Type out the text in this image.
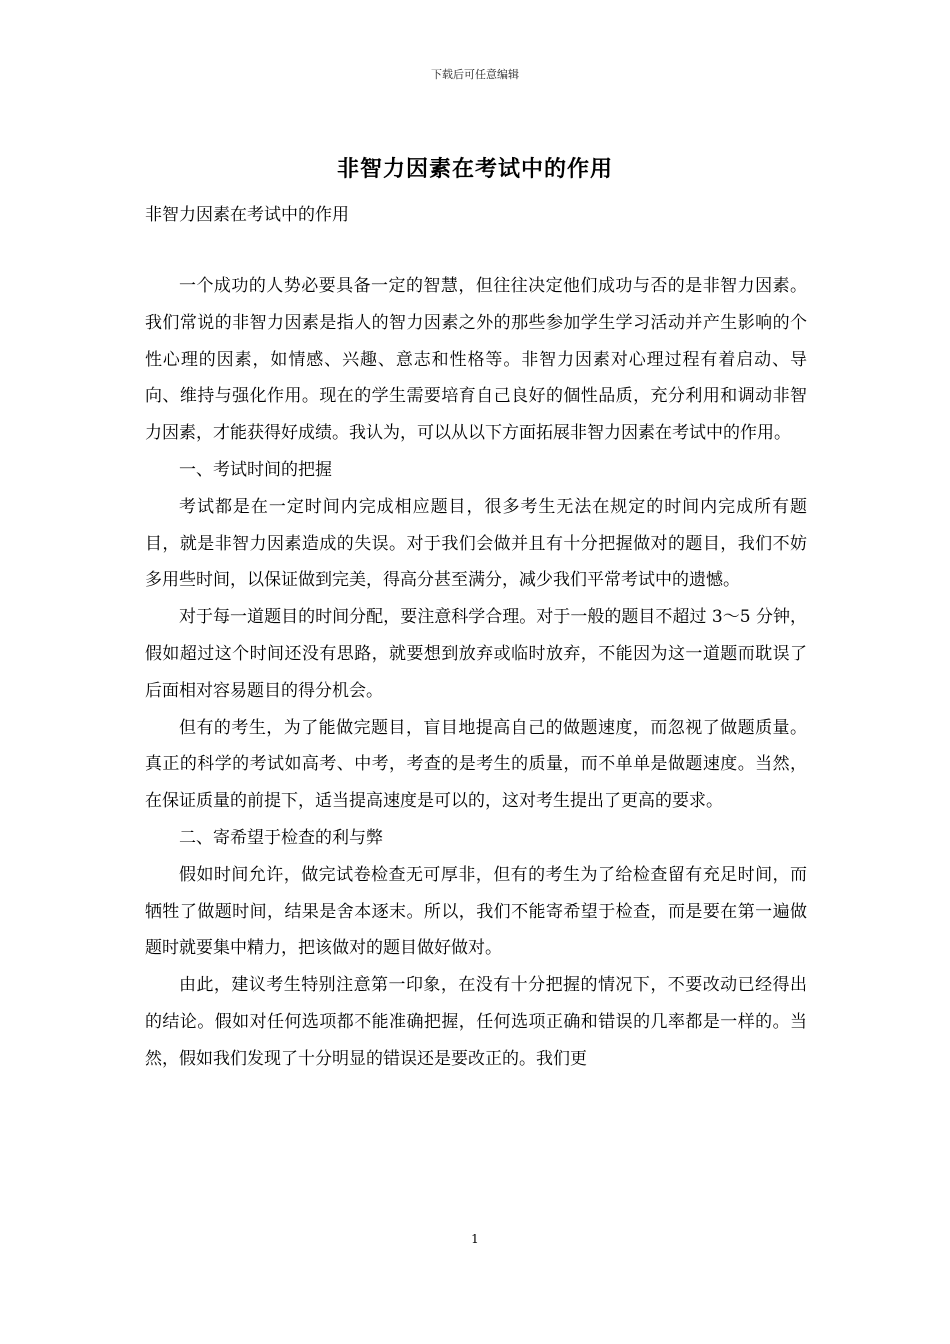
下载后可任意编辑
非智力因素在考试中的作用
非智力因素在考试中的作用

一个成功的人势必要具备一定的智慧，但往往决定他们成功与否的是非智力因素。我们常说的非智力因素是指人的智力因素之外的那些参加学生学习活动并产生影响的个性心理的因素，如情感、兴趣、意志和性格等。非智力因素对心理过程有着启动、导向、维持与强化作用。现在的学生需要培育自己良好的個性品质，充分利用和调动非智力因素，才能获得好成绩。我认为，可以从以下方面拓展非智力因素在考试中的作用。

一、考试时间的把握

考试都是在一定时间内完成相应题目，很多考生无法在规定的时间内完成所有题目，就是非智力因素造成的失误。对于我们会做并且有十分把握做对的题目，我们不妨多用些时间，以保证做到完美，得高分甚至满分，减少我们平常考试中的遗憾。

对于每一道题目的时间分配，要注意科学合理。对于一般的题目不超过 3～5 分钟，假如超过这个时间还没有思路，就要想到放弃或临时放弃，不能因为这一道题而耽误了后面相对容易题目的得分机会。

但有的考生，为了能做完题目，盲目地提高自己的做题速度，而忽视了做题质量。真正的科学的考试如高考、中考，考查的是考生的质量，而不单单是做题速度。当然，在保证质量的前提下，适当提高速度是可以的，这对考生提出了更高的要求。

二、寄希望于检查的利与弊

假如时间允许，做完试卷检查无可厚非，但有的考生为了给检查留有充足时间，而牺牲了做题时间，结果是舍本逐末。所以，我们不能寄希望于检查，而是要在第一遍做题时就要集中精力，把该做对的题目做好做对。

由此，建议考生特别注意第一印象，在没有十分把握的情况下，不要改动已经得出的结论。假如对任何选项都不能准确把握，任何选项正确和错误的几率都是一样的。当然，假如我们发现了十分明显的错误还是要改正的。我们更

1
